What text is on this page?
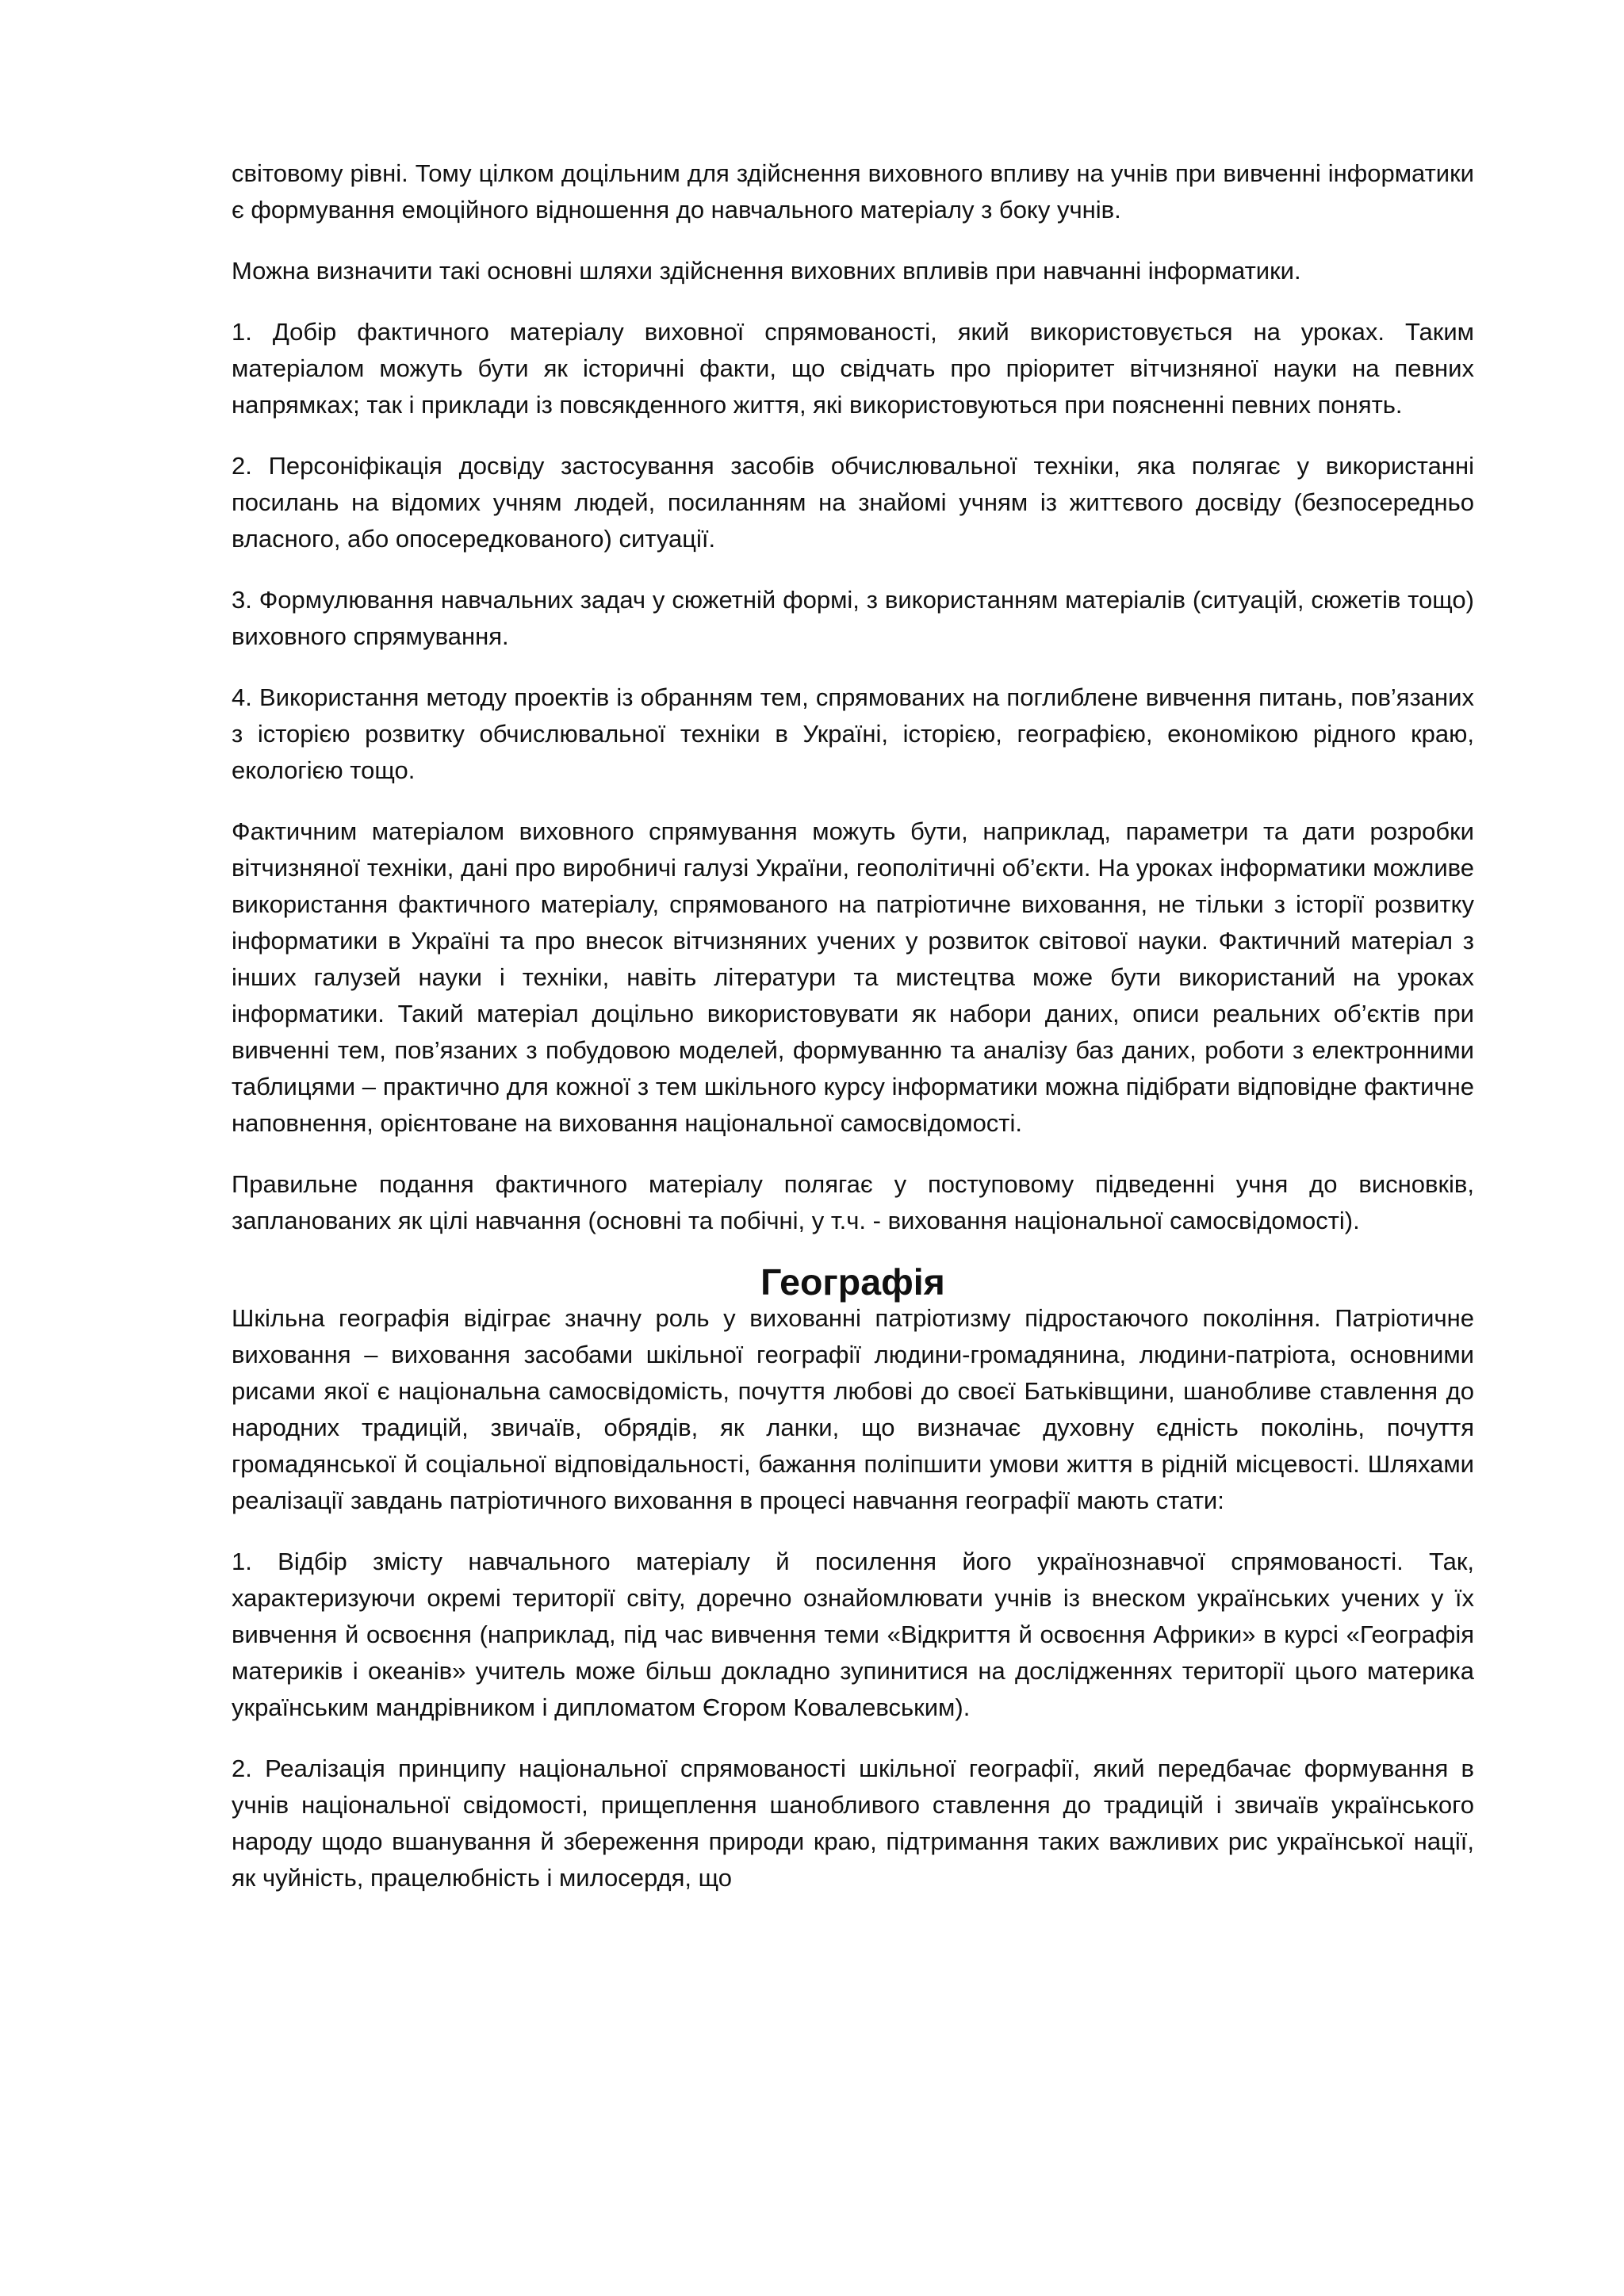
світовому рівні. Тому цілком доцільним для здійснення виховного впливу на учнів при вивченні інформатики є формування емоційного відношення до навчального матеріалу з боку учнів.

Можна визначити такі основні шляхи здійснення виховних впливів при навчанні інформатики.

1. Добір фактичного матеріалу виховної спрямованості, який використовується на уроках. Таким матеріалом можуть бути як історичні факти, що свідчать про пріоритет вітчизняної науки на певних напрямках; так і приклади із повсякденного життя, які використовуються при поясненні певних понять.

2. Персоніфікація досвіду застосування засобів обчислювальної техніки, яка полягає у використанні посилань на відомих учням людей, посиланням на знайомі учням із життєвого досвіду (безпосередньо власного, або опосередкованого) ситуації.

3. Формулювання навчальних задач у сюжетній формі, з використанням матеріалів (ситуацій, сюжетів тощо) виховного спрямування.

4. Використання методу проектів із обранням тем, спрямованих на поглиблене вивчення питань, пов’язаних з історією розвитку обчислювальної техніки в Україні, історією, географією, економікою рідного краю, екологією тощо.

Фактичним матеріалом виховного спрямування можуть бути, наприклад, параметри та дати розробки вітчизняної техніки, дані про виробничі галузі України, геополітичні об’єкти. На уроках інформатики можливе використання фактичного матеріалу, спрямованого на патріотичне виховання, не тільки з історії розвитку інформатики в Україні та про внесок вітчизняних учених у розвиток світової науки. Фактичний матеріал з інших галузей науки і техніки, навіть літератури та мистецтва може бути використаний на уроках інформатики. Такий матеріал доцільно використовувати як набори даних, описи реальних об’єктів при вивченні тем, пов’язаних з побудовою моделей, формуванню та аналізу баз даних, роботи з електронними таблицями – практично для кожної з тем шкільного курсу інформатики можна підібрати відповідне фактичне наповнення, орієнтоване на виховання національної самосвідомості.

Правильне подання фактичного матеріалу полягає у поступовому підведенні учня до висновків, запланованих як цілі навчання (основні та побічні, у т.ч. - виховання національної самосвідомості).

Географія

Шкільна географія відіграє значну роль у вихованні патріотизму підростаючого покоління. Патріотичне виховання – виховання засобами шкільної географії людини-громадянина, людини-патріота, основними рисами якої є національна самосвідомість, почуття любові до своєї Батьківщини, шанобливе ставлення до народних традицій, звичаїв, обрядів, як ланки, що визначає духовну єдність поколінь, почуття громадянської й соціальної відповідальності, бажання поліпшити умови життя в рідній місцевості. Шляхами реалізації завдань патріотичного виховання в процесі навчання географії мають стати:

1. Відбір змісту навчального матеріалу й посилення його українознавчої спрямованості. Так, характеризуючи окремі території світу, доречно ознайомлювати учнів із внеском українських учених у їх вивчення й освоєння (наприклад, під час вивчення теми «Відкриття й освоєння Африки» в курсі «Географія материків і океанів» учитель може більш докладно зупинитися на дослідженнях території цього материка українським мандрівником і дипломатом Єгором Ковалевським).

2. Реалізація принципу національної спрямованості шкільної географії, який передбачає формування в учнів національної свідомості, прищеплення шанобливого ставлення до традицій і звичаїв українського народу щодо вшанування й збереження природи краю, підтримання таких важливих рис української нації, як чуйність, працелюбність і милосердя, що
